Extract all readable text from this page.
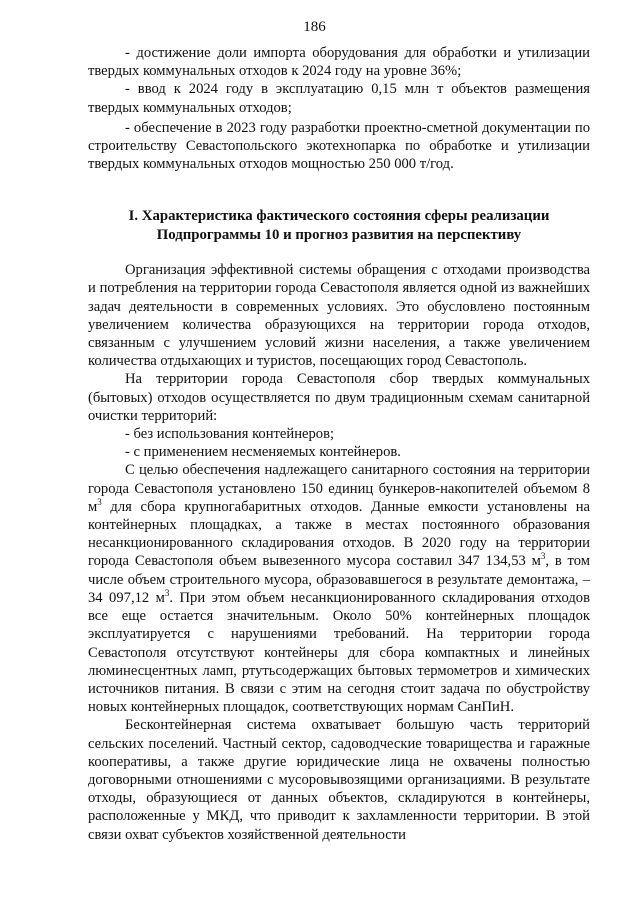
186

- достижение доли импорта оборудования для обработки и утилизации твердых коммунальных отходов к 2024 году на уровне 36%;

- ввод к 2024 году в эксплуатацию 0,15 млн т объектов размещения твердых коммунальных отходов;

- обеспечение в 2023 году разработки проектно-сметной документации по строительству Севастопольского экотехнопарка по обработке и утилизации твердых коммунальных отходов мощностью 250 000 т/год.

I. Характеристика фактического состояния сферы реализации
Подпрограммы 10 и прогноз развития на перспективу

Организация эффективной системы обращения с отходами производства и потребления на территории города Севастополя является одной из важнейших задач деятельности в современных условиях. Это обусловлено постоянным увеличением количества образующихся на территории города отходов, связанным с улучшением условий жизни населения, а также увеличением количества отдыхающих и туристов, посещающих город Севастополь.

На территории города Севастополя сбор твердых коммунальных (бытовых) отходов осуществляется по двум традиционным схемам санитарной очистки территорий:

- без использования контейнеров;

- с применением несменяемых контейнеров.

С целью обеспечения надлежащего санитарного состояния на территории города Севастополя установлено 150 единиц бункеров-накопителей объемом 8 $м^3$ для сбора крупногабаритных отходов. Данные емкости установлены на контейнерных площадках, а также в местах постоянного образования несанкционированного складирования отходов. В 2020 году на территории города Севастополя объем вывезенного мусора составил 347 134,53 $м^3$, в том числе объем строительного мусора, образовавшегося в результате демонтажа, – 34 097,12 $м^3$. При этом объем несанкционированного складирования отходов все еще остается значительным. Около 50% контейнерных площадок эксплуатируется с нарушениями требований. На территории города Севастополя отсутствуют контейнеры для сбора компактных и линейных люминесцентных ламп, ртутьсодержащих бытовых термометров и химических источников питания. В связи с этим на сегодня стоит задача по обустройству новых контейнерных площадок, соответствующих нормам СанПиН.

Бесконтейнерная система охватывает большую часть территорий сельских поселений. Частный сектор, садоводческие товарищества и гаражные кооперативы, а также другие юридические лица не охвачены полностью договорными отношениями с мусоровывозящими организациями. В результате отходы, образующиеся от данных объектов, складируются в контейнеры, расположенные у МКД, что приводит к захламленности территории. В этой связи охват субъектов хозяйственной деятельности
